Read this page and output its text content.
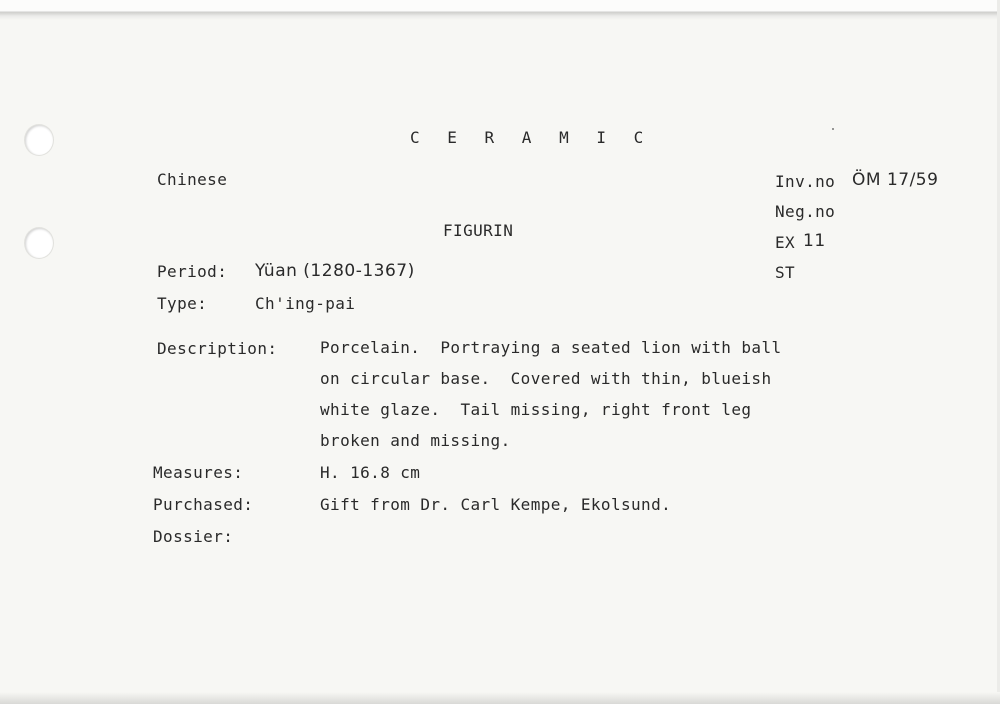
C E R A M I C
Chinese
FIGURIN
Inv.no ÖM 17/59
Neg.no
EX 11
ST
Period: Yüan (1280-1367)
Type:	Ch'ing-pai
Description:	Porcelain.  Portraying a seated lion with ball
on circular base.  Covered with thin, blueish
white glaze.  Tail missing, right front leg
broken and missing.
Measures:	H. 16.8 cm
Purchased:	Gift from Dr. Carl Kempe, Ekolsund.
Dossier:
